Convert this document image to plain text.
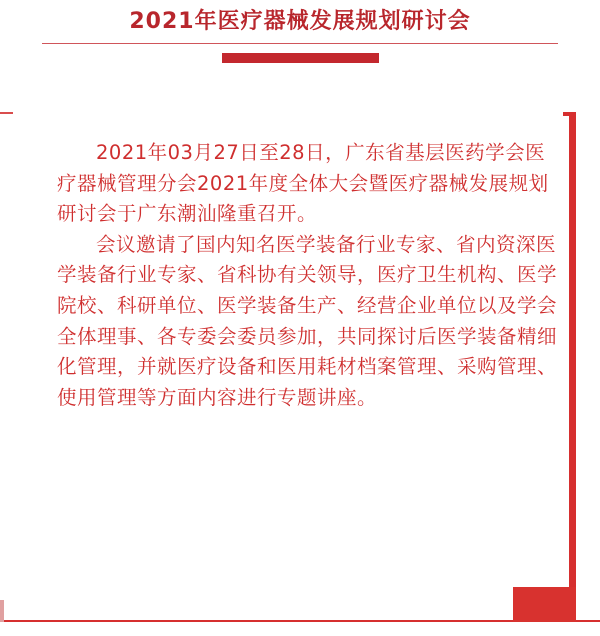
2021年医疗器械发展规划研讨会

2021年03月27日至28日，广东省基层医药学会医疗器械管理分会2021年度全体大会暨医疗器械发展规划研讨会于广东潮汕隆重召开。

会议邀请了国内知名医学装备行业专家、省内资深医学装备行业专家、省科协有关领导，医疗卫生机构、医学院校、科研单位、医学装备生产、经营企业单位以及学会全体理事、各专委会委员参加，共同探讨后医学装备精细化管理，并就医疗设备和医用耗材档案管理、采购管理、使用管理等方面内容进行专题讲座。
